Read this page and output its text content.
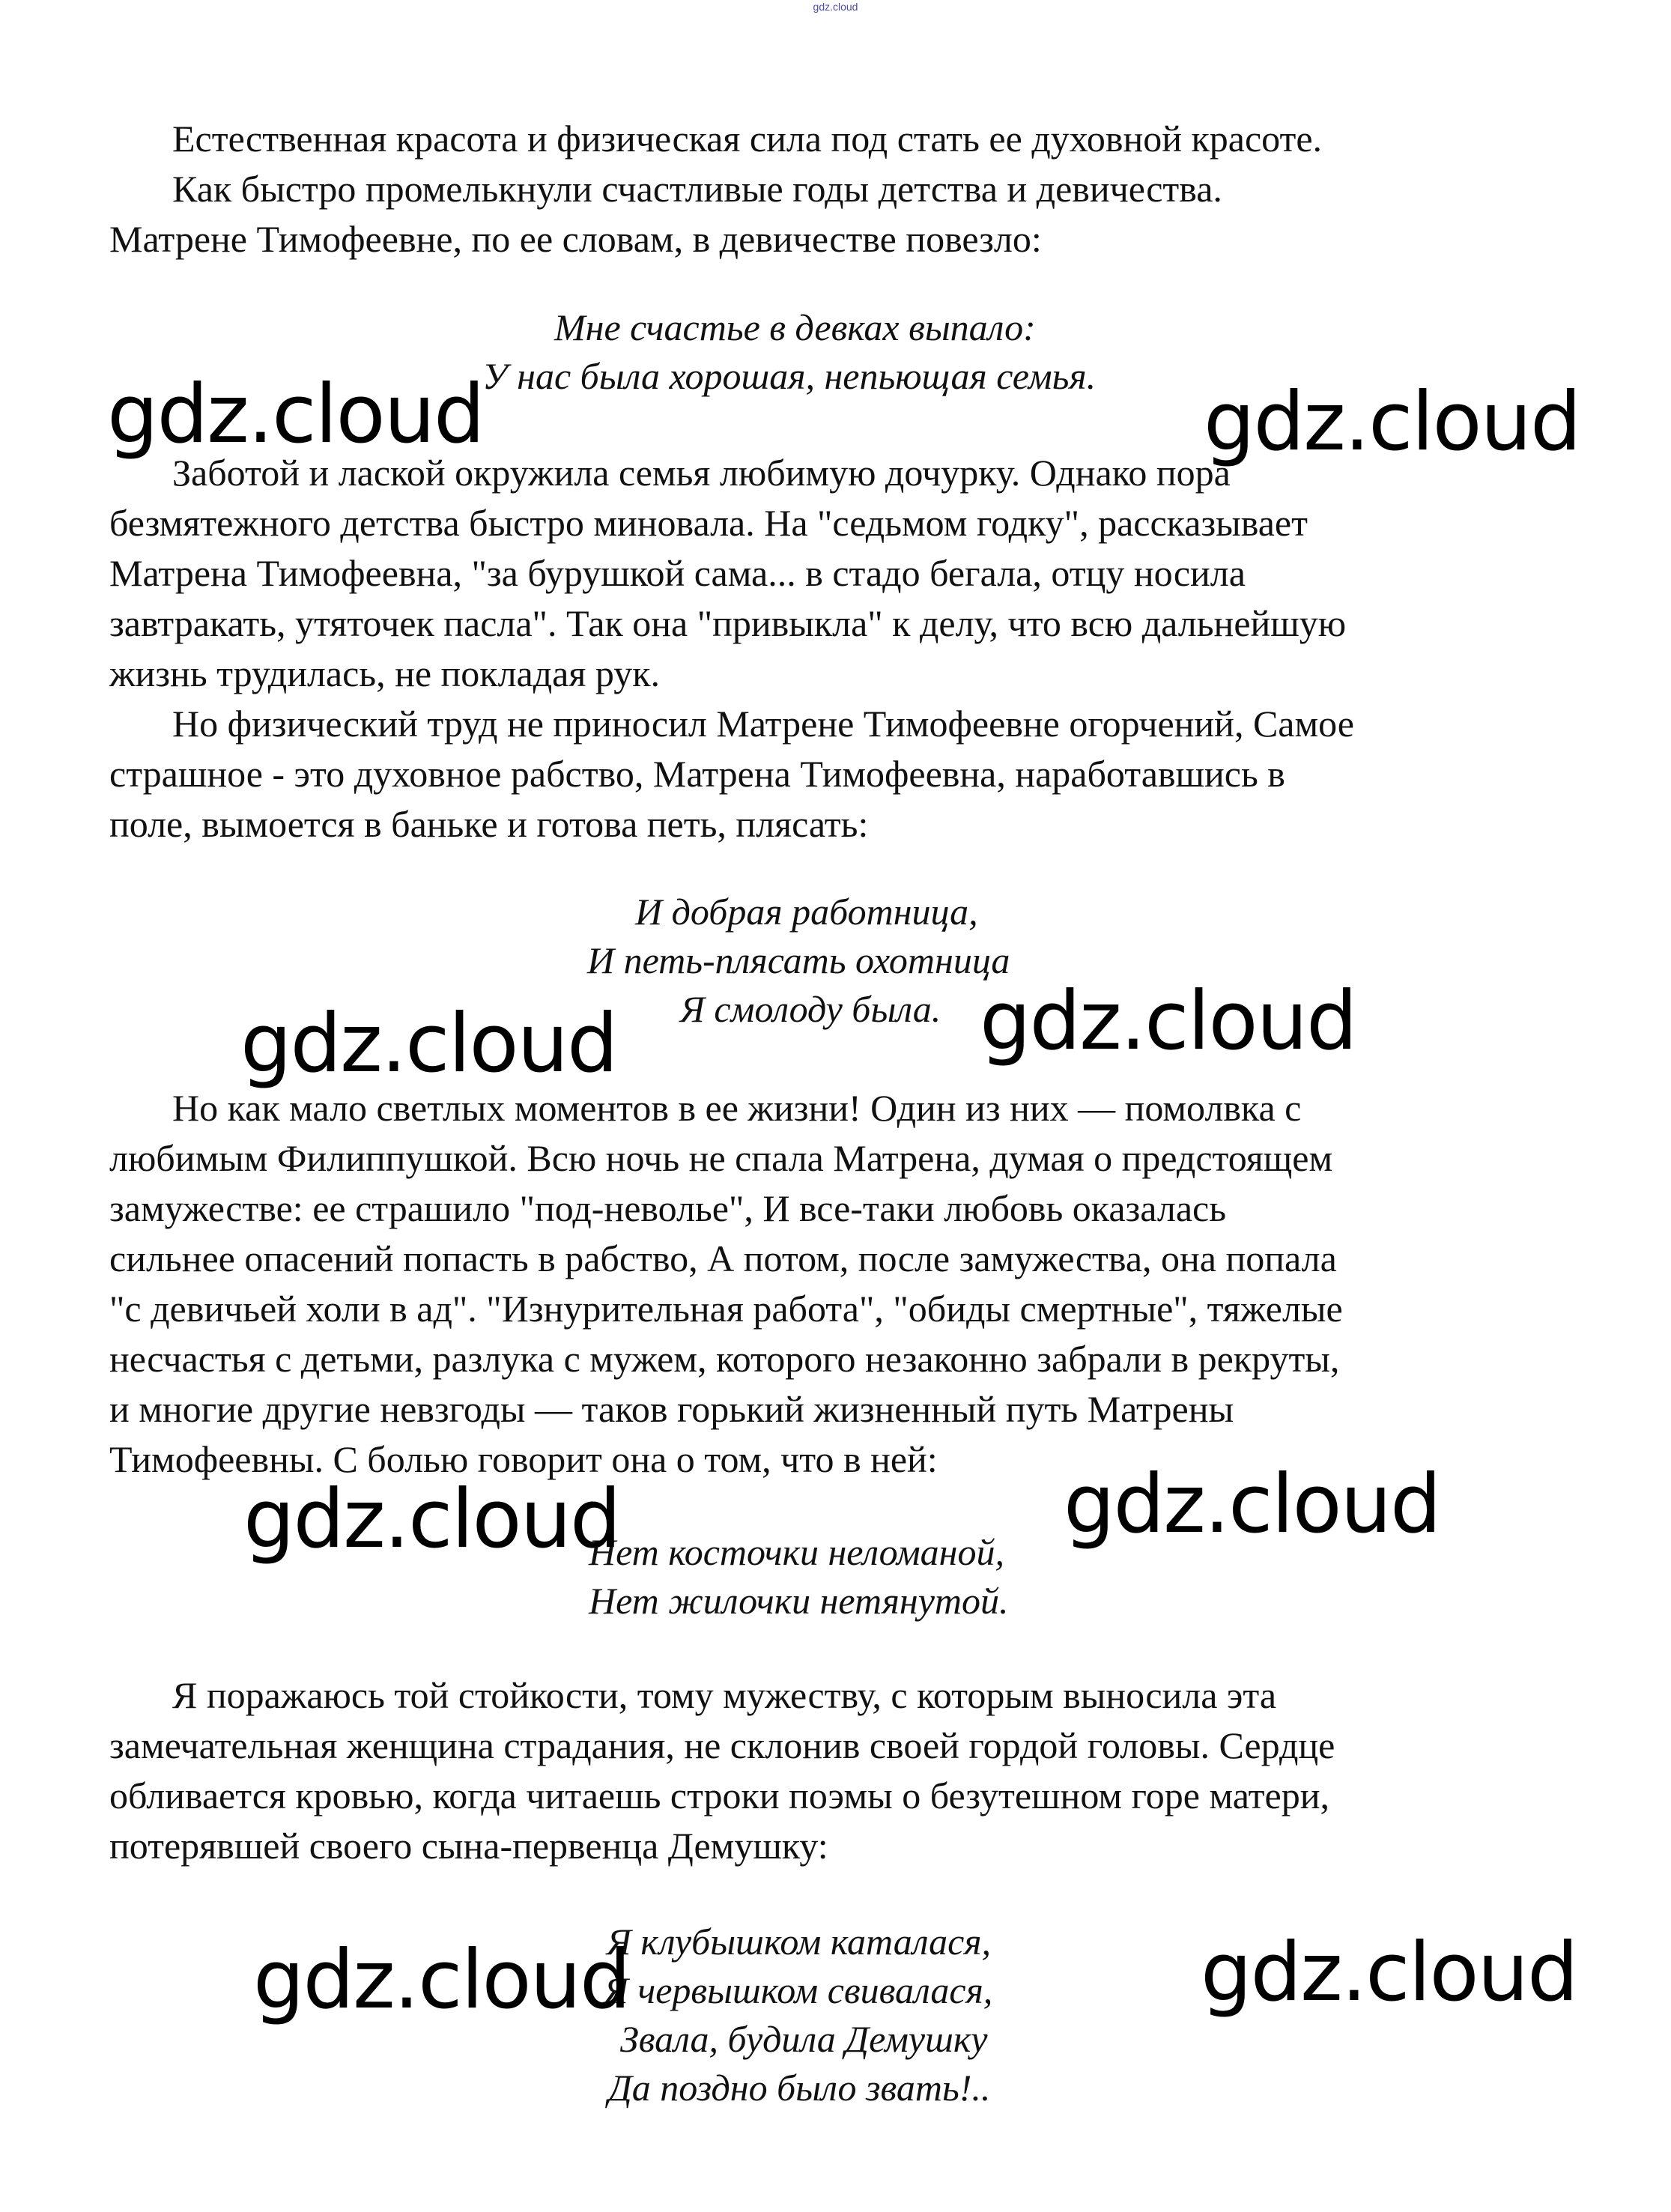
gdz.cloud
Естественная красота и физическая сила под стать ее духовной красоте.
Как быстро промелькнули счастливые годы детства и девичества.
Матрене Тимофеевне, по ее словам, в девичестве повезло:
Мне счастье в девках выпало:
У нас была хорошая, непьющая семья.
Заботой и лаской окружила семья любимую дочурку. Однако пора
безмятежного детства быстро миновала. На "седьмом годку", рассказывает
Матрена Тимофеевна, "за бурушкой сама... в стадо бегала, отцу носила
завтракать, утяточек пасла". Так она "привыкла" к делу, что всю дальнейшую
жизнь трудилась, не покладая рук.
Но физический труд не приносил Матрене Тимофеевне огорчений, Самое
страшное - это духовное рабство, Матрена Тимофеевна, наработавшись в
поле, вымоется в баньке и готова петь, плясать:
И добрая работница,
И петь-плясать охотница
Я смолоду была.
Но как мало светлых моментов в ее жизни! Один из них — помолвка с
любимым Филиппушкой. Всю ночь не спала Матрена, думая о предстоящем
замужестве: ее страшило "под-неволье", И все-таки любовь оказалась
сильнее опасений попасть в рабство, А потом, после замужества, она попала
"с девичьей холи в ад". "Изнурительная работа", "обиды смертные", тяжелые
несчастья с детьми, разлука с мужем, которого незаконно забрали в рекруты,
и многие другие невзгоды — таков горький жизненный путь Матрены
Тимофеевны. С болью говорит она о том, что в ней:
Нет косточки неломаной,
Нет жилочки нетянутой.
Я поражаюсь той стойкости, тому мужеству, с которым выносила эта
замечательная женщина страдания, не склонив своей гордой головы. Сердце
обливается кровью, когда читаешь строки поэмы о безутешном горе матери,
потерявшей своего сына-первенца Демушку:
Я клубышком каталася,
Я червышком свивалася,
Звала, будила Демушку
Да поздно было звать!..
gdz.cloud	gdz.cloud
gdz.cloud	gdz.cloud
gdz.cloud	gdz.cloud
gdz.cloud	gdz.cloud
